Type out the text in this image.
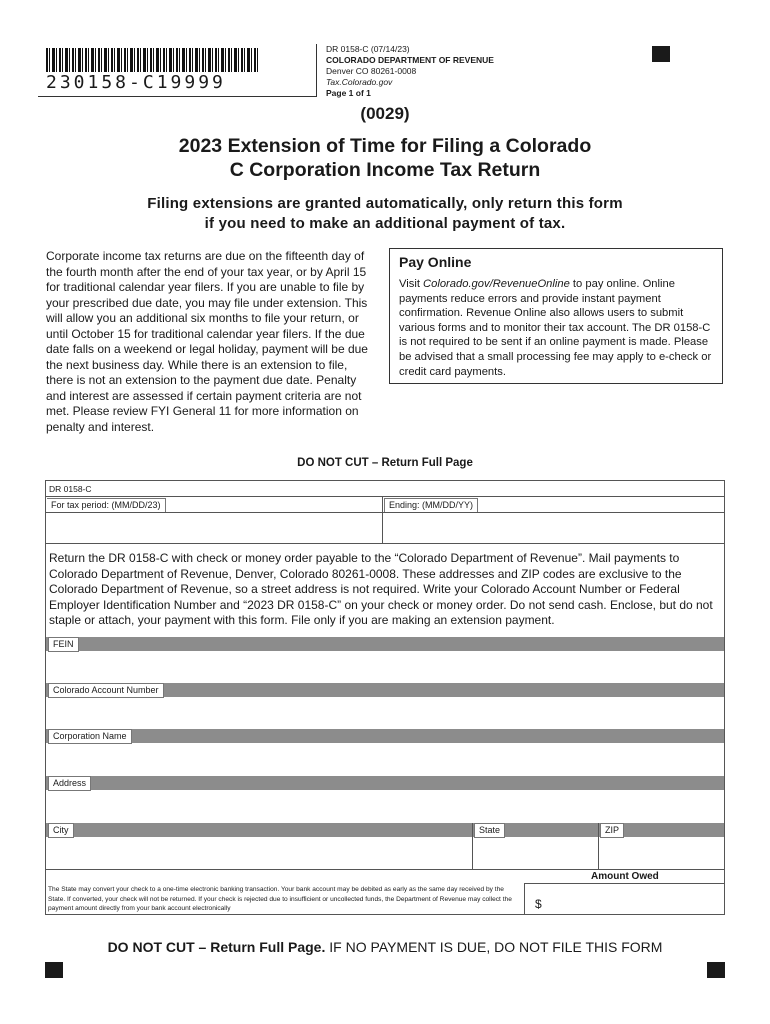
230158-C19999
DR 0158-C (07/14/23)
COLORADO DEPARTMENT OF REVENUE
Denver CO 80261-0008
Tax.Colorado.gov
Page 1 of 1
(0029)
2023 Extension of Time for Filing a Colorado
C Corporation Income Tax Return
Filing extensions are granted automatically, only return this form
if you need to make an additional payment of tax.
Corporate income tax returns are due on the fifteenth day of the fourth month after the end of your tax year, or by April 15 for traditional calendar year filers. If you are unable to file by your prescribed due date, you may file under extension. This will allow you an additional six months to file your return, or until October 15 for traditional calendar year filers. If the due date falls on a weekend or legal holiday, payment will be due the next business day. While there is an extension to file, there is not an extension to the payment due date. Penalty and interest are assessed if certain payment criteria are not met. Please review FYI General 11 for more information on penalty and interest.
Pay Online
Visit Colorado.gov/RevenueOnline to pay online. Online payments reduce errors and provide instant payment confirmation. Revenue Online also allows users to submit various forms and to monitor their tax account. The DR 0158-C is not required to be sent if an online payment is made. Please be advised that a small processing fee may apply to e-check or credit card payments.
DO NOT CUT – Return Full Page
DR 0158-C
For tax period: (MM/DD/23)	Ending: (MM/DD/YY)
Return the DR 0158-C with check or money order payable to the “Colorado Department of Revenue”. Mail payments to Colorado Department of Revenue, Denver, Colorado 80261-0008. These addresses and ZIP codes are exclusive to the Colorado Department of Revenue, so a street address is not required. Write your Colorado Account Number or Federal Employer Identification Number and “2023 DR 0158-C” on your check or money order. Do not send cash. Enclose, but do not staple or attach, your payment with this form. File only if you are making an extension payment.
FEIN
Colorado Account Number
Corporation Name
Address
City	State	ZIP
Amount Owed
$
The State may convert your check to a one-time electronic banking transaction. Your bank account may be debited as early as the same day received by the State. If converted, your check will not be returned. If your check is rejected due to insufficient or uncollected funds, the Department of Revenue may collect the payment amount directly from your bank account electronically
DO NOT CUT – Return Full Page. IF NO PAYMENT IS DUE, DO NOT FILE THIS FORM
